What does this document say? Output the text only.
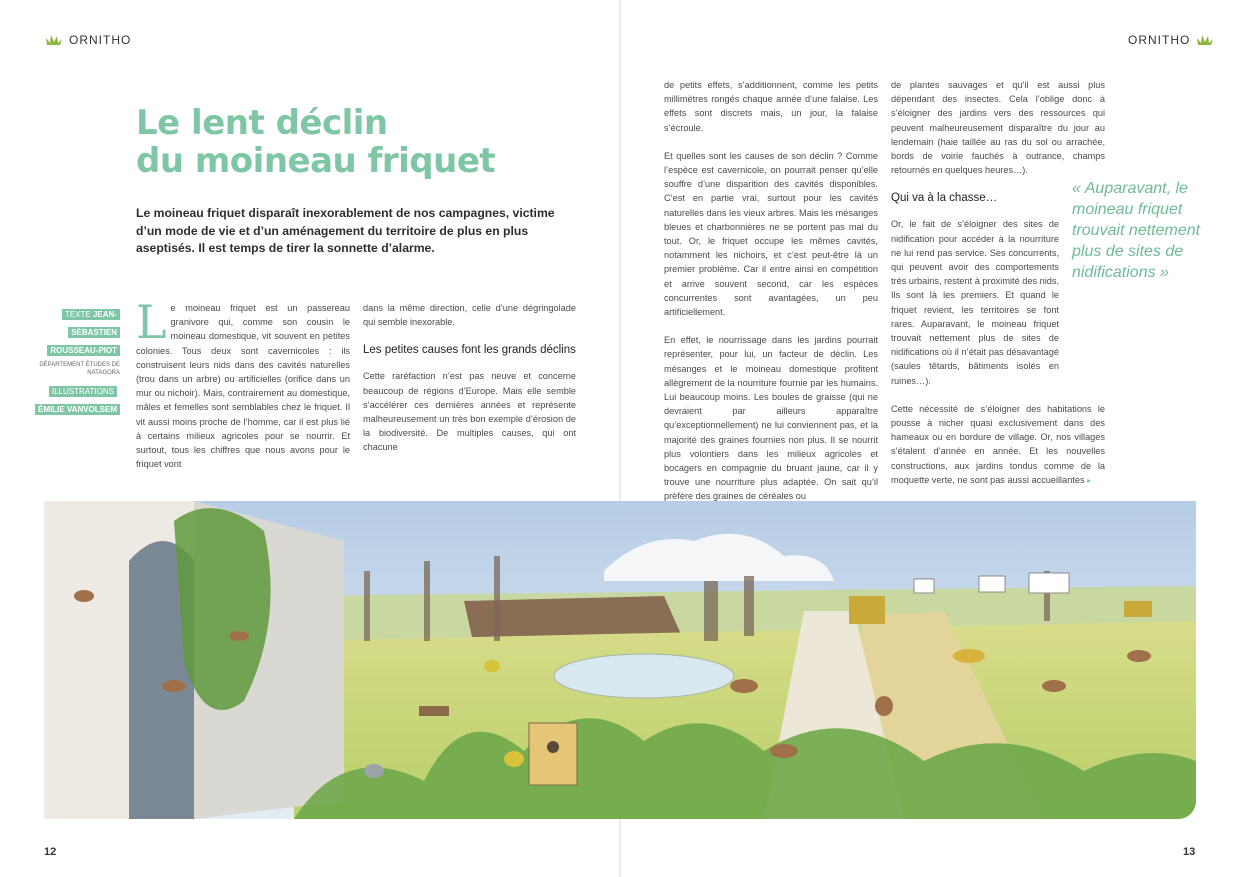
ORNITHO	ORNITHO
Le lent déclin
du moineau friquet

Le moineau friquet disparaît inexorablement de nos campagnes, victime d’un mode de vie et d’un aménagement du territoire de plus en plus aseptisés. Il est temps de tirer la sonnette d’alarme.

TEXTE JEAN-SÉBASTIEN ROUSSEAU-PIOT
DÉPARTEMENT ÉTUDES DE NATAGORA
ILLUSTRATIONS ÉMILIE VANVOLSEM
L e moineau friquet est un passereau granivore qui, comme son cousin le moineau domestique, vit souvent en petites colonies. Tous deux sont cavernicoles : ils construisent leurs nids dans des cavités naturelles (trou dans un arbre) ou artificielles (orifice dans un mur ou nichoir). Mais, contrairement au domestique, mâles et femelles sont semblables chez le friquet. Il vit aussi moins proche de l’homme, car il est plus lié à certains milieux agricoles pour se nourrir. Et surtout, tous les chiffres que nous avons pour le friquet vont

dans la même direction, celle d’une dégringolade qui semble inexorable.

Les petites causes font les grands déclins

Cette raréfaction n’est pas neuve et concerne beaucoup de régions d’Europe. Mais elle semble s’accélérer ces dernières années et représente malheureusement un très bon exemple d’érosion de la biodiversité. De multiples causes, qui ont chacune

de petits effets, s’additionnent, comme les petits millimètres rongés chaque année d’une falaise. Les effets sont discrets mais, un jour, la falaise s’écroule.

Et quelles sont les causes de son déclin ? Comme l’espèce est cavernicole, on pourrait penser qu’elle souffre d’une disparition des cavités disponibles. C’est en partie vrai, surtout pour les cavités naturelles dans les vieux arbres. Mais les mésanges bleues et charbonnières ne se portent pas mal du tout. Or, le friquet occupe les mêmes cavités, notamment les nichoirs, et c’est peut-être là un premier problème. Car il entre ainsi en compétition et arrive souvent second, car les espèces concurrentes sont avantagées, un peu artificiellement.

En effet, le nourrissage dans les jardins pourrait représenter, pour lui, un facteur de déclin. Les mésanges et le moineau domestique profitent allègrement de la nourriture fournie par les humains. Lui beaucoup moins. Les boules de graisse (qui ne devraient par ailleurs apparaître qu’exceptionnellement) ne lui conviennent pas, et la majorité des graines fournies non plus. Il se nourrit plus volontiers dans les milieux agricoles et bocagers en compagnie du bruant jaune, car il y trouve une nourriture plus adaptée. On sait qu’il préfère des graines de céréales ou

de plantes sauvages et qu’il est aussi plus dépendant des insectes. Cela l’oblige donc à s’éloigner des jardins vers des ressources qui peuvent malheureusement disparaître du jour au lendemain (haie taillée au ras du sol ou arrachée, bords de voirie fauchés à outrance, champs retournés en quelques heures…).

Qui va à la chasse…

Or, le fait de s’éloigner des sites de nidification pour accéder à la nourriture ne lui rend pas service. Ses concurrents, qui peuvent avoir des comportements très urbains, restent à proximité des nids. Ils sont là les premiers. Et quand le friquet revient, les territoires se font rares. Auparavant, le moineau friquet trouvait nettement plus de sites de nidifications où il n’était pas désavantagé (saules têtards, bâtiments isolés en ruines…).

Cette nécessité de s’éloigner des habitations le pousse à nicher quasi exclusivement dans des hameaux ou en bordure de village. Or, nos villages s’étalent d’année en année. Et les nouvelles constructions, aux jardins tondus comme de la moquette verte, ne sont pas aussi accueillantes ▸

« Auparavant, le moineau friquet trouvait nettement plus de sites de nidifications »

12	13
